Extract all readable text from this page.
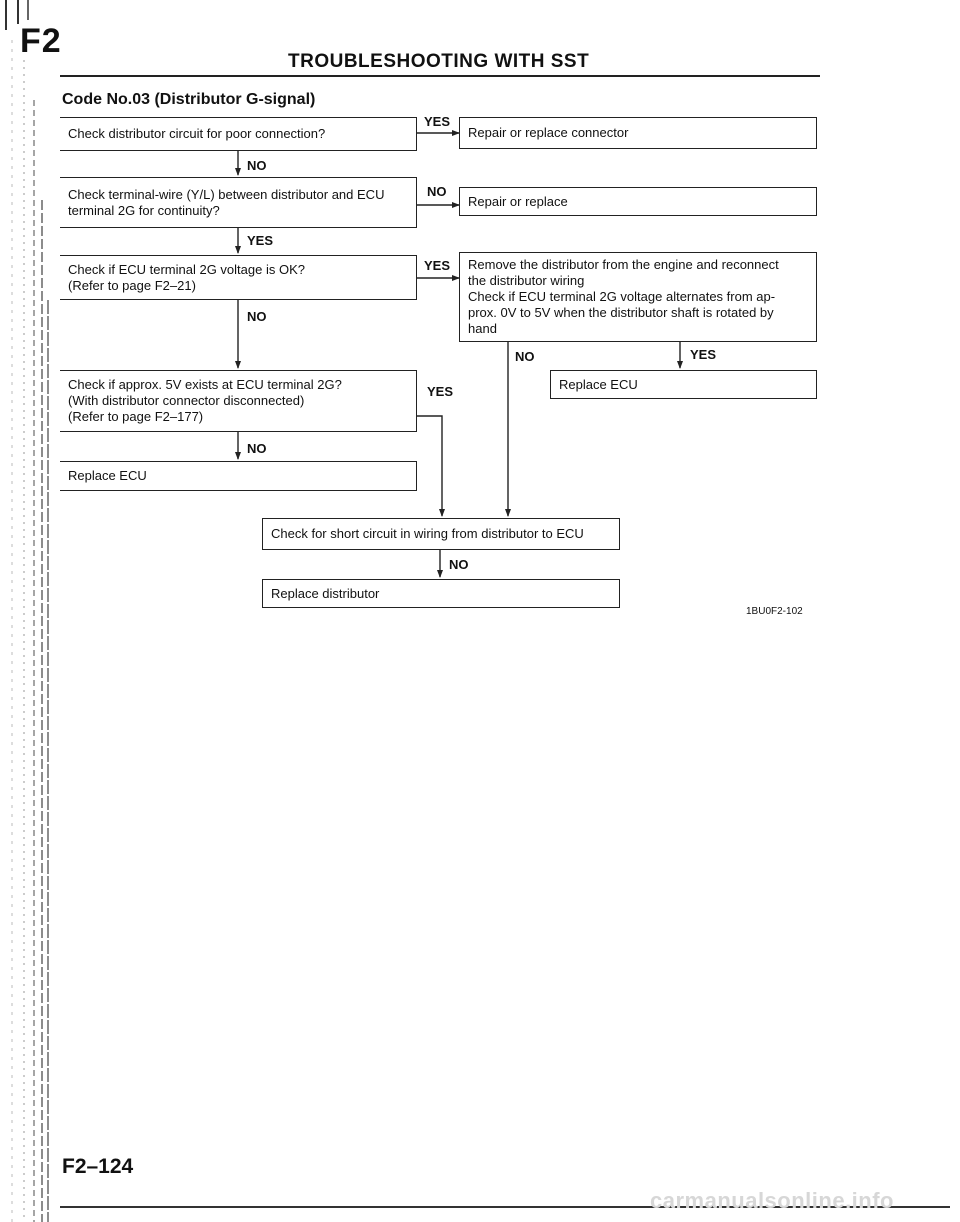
F2
TROUBLESHOOTING WITH SST
Code No.03 (Distributor G-signal)
Check distributor circuit for poor connection?	Repair or replace connector
Check terminal-wire (Y/L) between distributor and ECU
terminal 2G for continuity?
Repair or replace
Check if ECU terminal 2G voltage is OK?
(Refer to page F2–21)
Remove the distributor from the engine and reconnect
the distributor wiring
Check if ECU terminal 2G voltage alternates from ap-
prox. 0V to 5V when the distributor shaft is rotated by
hand
Check if approx. 5V exists at ECU terminal 2G?
(With distributor connector disconnected)
(Refer to page F2–177)
Replace ECU
Replace ECU
Check for short circuit in wiring from distributor to ECU
Replace distributor
YES
NO
NO
YES
YES
NO
NO	YES
YES
NO
NO
1BU0F2-102
F2–124
carmanualsonline.info
